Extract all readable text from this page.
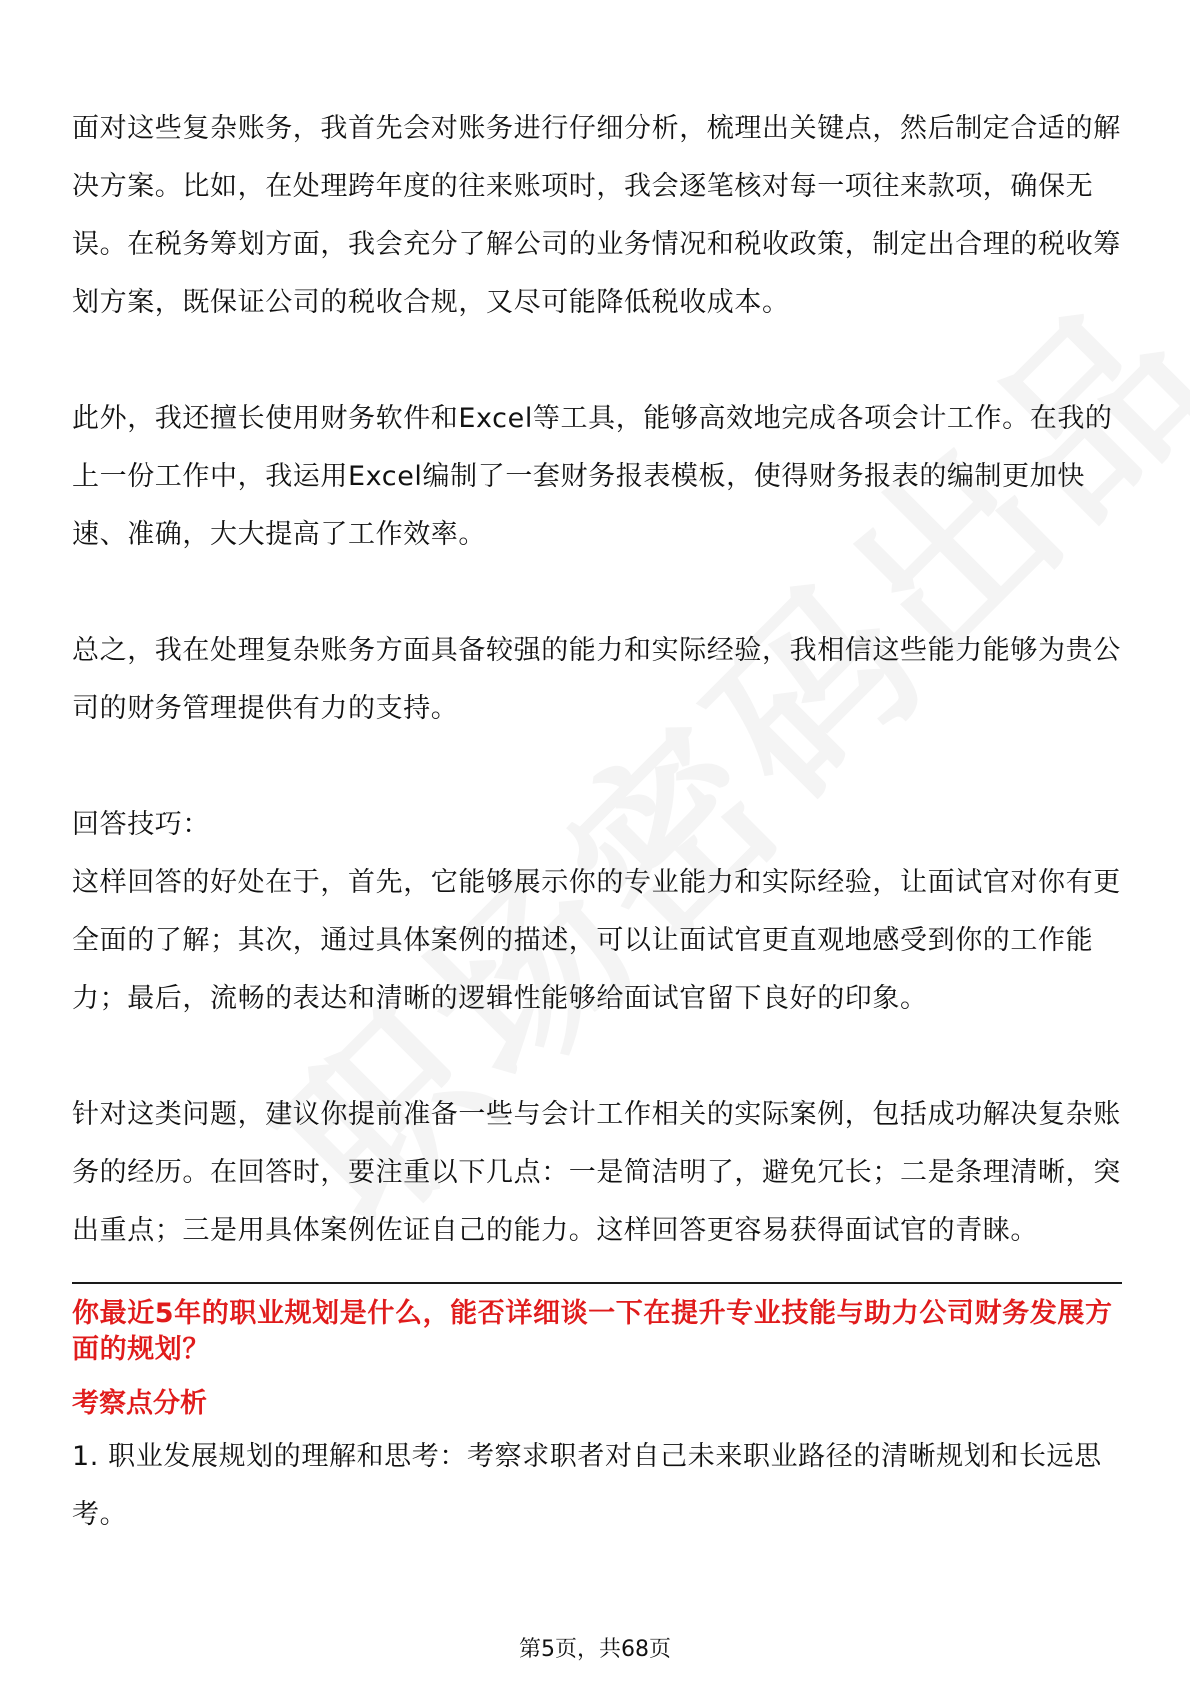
面对这些复杂账务，我首先会对账务进行仔细分析，梳理出关键点，然后制定合适的解决方案。比如，在处理跨年度的往来账项时，我会逐笔核对每一项往来款项，确保无误。在税务筹划方面，我会充分了解公司的业务情况和税收政策，制定出合理的税收筹划方案，既保证公司的税收合规，又尽可能降低税收成本。

此外，我还擅长使用财务软件和Excel等工具，能够高效地完成各项会计工作。在我的上一份工作中，我运用Excel编制了一套财务报表模板，使得财务报表的编制更加快速、准确，大大提高了工作效率。

总之，我在处理复杂账务方面具备较强的能力和实际经验，我相信这些能力能够为贵公司的财务管理提供有力的支持。

回答技巧：

这样回答的好处在于，首先，它能够展示你的专业能力和实际经验，让面试官对你有更全面的了解；其次，通过具体案例的描述，可以让面试官更直观地感受到你的工作能力；最后，流畅的表达和清晰的逻辑性能够给面试官留下良好的印象。

针对这类问题，建议你提前准备一些与会计工作相关的实际案例，包括成功解决复杂账务的经历。在回答时，要注重以下几点：一是简洁明了，避免冗长；二是条理清晰，突出重点；三是用具体案例佐证自己的能力。这样回答更容易获得面试官的青睐。

你最近5年的职业规划是什么，能否详细谈一下在提升专业技能与助力公司财务发展方面的规划？

考察点分析

1. 职业发展规划的理解和思考：考察求职者对自己未来职业路径的清晰规划和长远思考。

第5页，共68页
